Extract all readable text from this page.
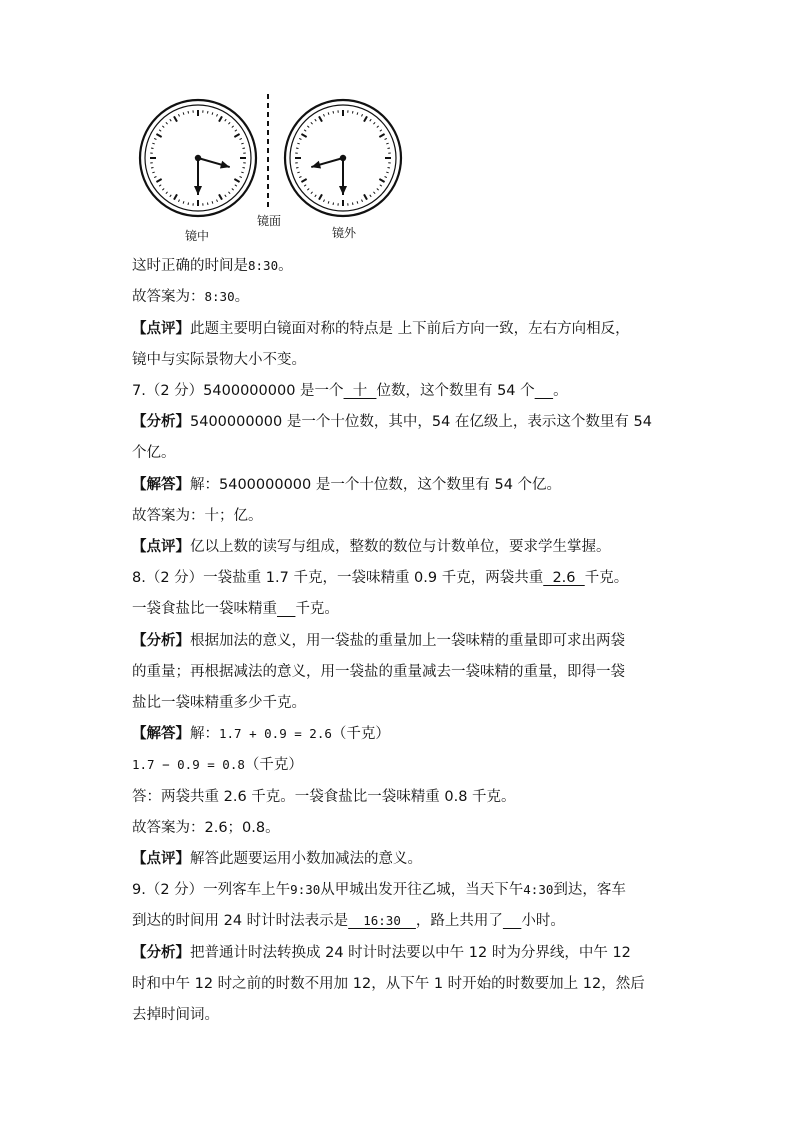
镜面
镜中	镜外
这时正确的时间是8:30。
故答案为：8:30。
【点评】此题主要明白镜面对称的特点是 上下前后方向一致，左右方向相反，
镜中与实际景物大小不变。
7.（2 分）5400000000 是一个  十  位数，这个数里有 54 个 。
【分析】5400000000 是一个十位数，其中，54 在亿级上，表示这个数里有 54
个亿。
【解答】解：5400000000 是一个十位数，这个数里有 54 个亿。
故答案为：十；亿。
【点评】亿以上数的读写与组成，整数的数位与计数单位，要求学生掌握。
8.（2 分）一袋盐重 1.7 千克，一袋味精重 0.9 千克，两袋共重  2.6  千克。
一袋食盐比一袋味精重 千克。
【分析】根据加法的意义，用一袋盐的重量加上一袋味精的重量即可求出两袋
的重量；再根据减法的意义，用一袋盐的重量减去一袋味精的重量，即得一袋
盐比一袋味精重多少千克。
【解答】解：1.7 + 0.9 = 2.6（千克）
1.7 − 0.9 = 0.8（千克）
答：两袋共重 2.6 千克。一袋食盐比一袋味精重 0.8 千克。
故答案为：2.6；0.8。
【点评】解答此题要运用小数加减法的意义。
9.（2 分）一列客车上午9:30从甲城出发开往乙城，当天下午4:30到达，客车
到达的时间用 24 时计时法表示是  16:30  ，路上共用了 小时。
【分析】把普通计时法转换成 24 时计时法要以中午 12 时为分界线，中午 12
时和中午 12 时之前的时数不用加 12，从下午 1 时开始的时数要加上 12，然后
去掉时间词。
